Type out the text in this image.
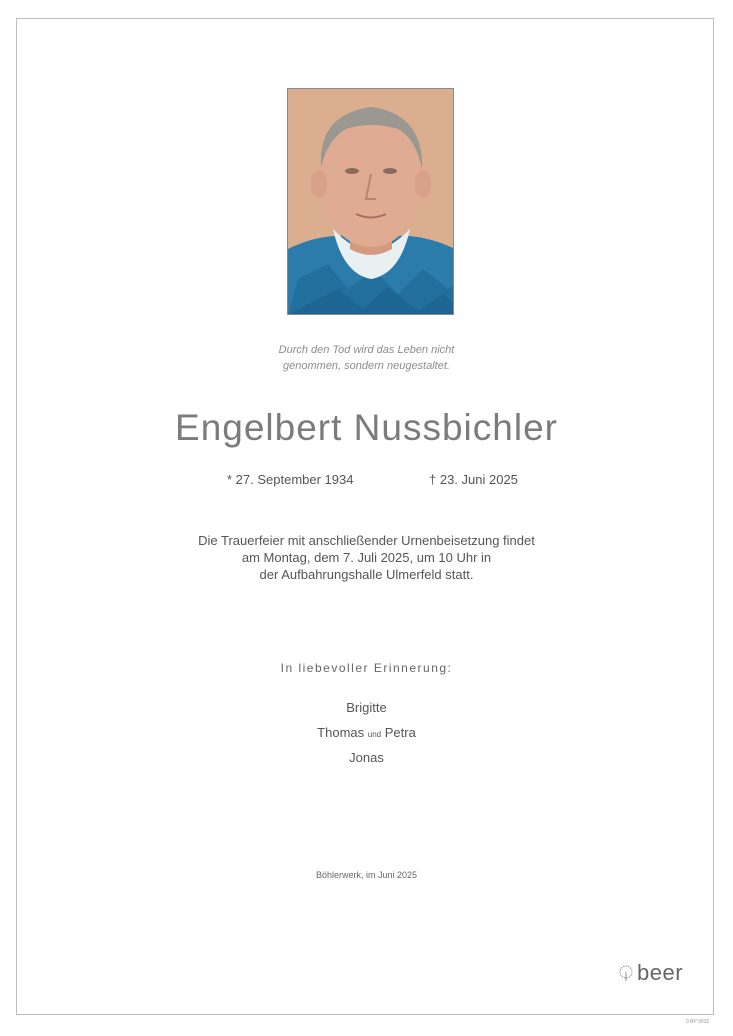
Durch den Tod wird das Leben nicht
genommen, sondern neugestaltet.
Engelbert Nussbichler
* 27. September 1934	† 23. Juni 2025
Die Trauerfeier mit anschließender Urnenbeisetzung findet
am Montag, dem 7. Juli 2025, um 10 Uhr in
der Aufbahrungshalle Ulmerfeld statt.
In liebevoller Erinnerung:
Brigitte
Thomas und Petra
Jonas
Böhlerwerk, im Juni 2025
beer
0 BP 9032
